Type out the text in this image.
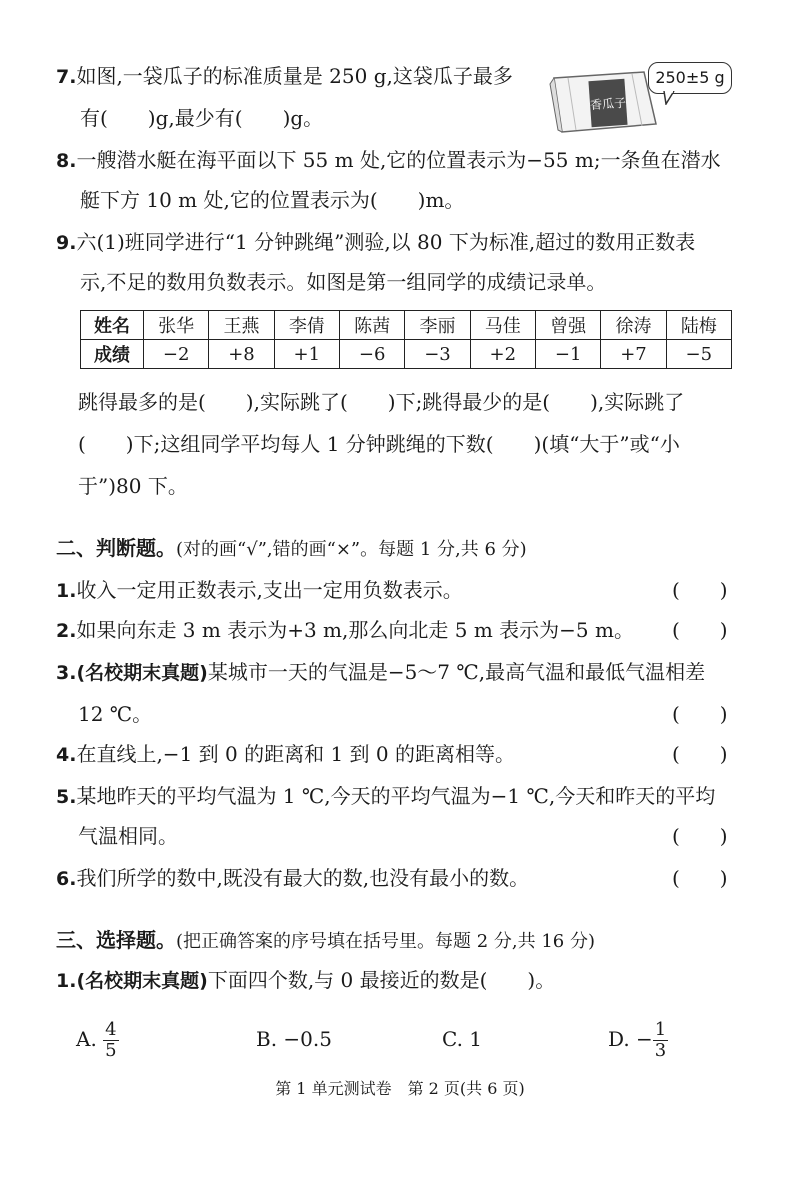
7.如图,一袋瓜子的标准质量是 250 g,这袋瓜子最多
有(　　)g,最少有(　　)g。
香瓜子
250±5 g
8.一艘潜水艇在海平面以下 55 m 处,它的位置表示为−55 m;一条鱼在潜水
艇下方 10 m 处,它的位置表示为(　　)m。
9.六(1)班同学进行“1 分钟跳绳”测验,以 80 下为标准,超过的数用正数表
示,不足的数用负数表示。如图是第一组同学的成绩记录单。
姓名	张华	王燕	李倩	陈茜	李丽	马佳	曾强	徐涛	陆梅
成绩	−2	+8	+1	−6	−3	+2	−1	+7	−5
跳得最多的是(　　),实际跳了(　　)下;跳得最少的是(　　),实际跳了
(　　)下;这组同学平均每人 1 分钟跳绳的下数(　　)(填“大于”或“小
于”)80 下。
二、判断题。(对的画“√”,错的画“×”。每题 1 分,共 6 分)
1.收入一定用正数表示,支出一定用负数表示。	(　　)
2.如果向东走 3 m 表示为+3 m,那么向北走 5 m 表示为−5 m。 (　　)
3.(名校期末真题)某城市一天的气温是−5～7 ℃,最高气温和最低气温相差
12 ℃。	(　　)
4.在直线上,−1 到 0 的距离和 1 到 0 的距离相等。	(　　)
5.某地昨天的平均气温为 1 ℃,今天的平均气温为−1 ℃,今天和昨天的平均
气温相同。	(　　)
6.我们所学的数中,既没有最大的数,也没有最小的数。	(　　)
三、选择题。(把正确答案的序号填在括号里。每题 2 分,共 16 分)
1.(名校期末真题)下面四个数,与 0 最接近的数是(　　)。
A. $\frac{4}{5}$	B. −0.5	C. 1	D. − $\frac{1}{3}$
第 1 单元测试卷　第 2 页(共 6 页)
